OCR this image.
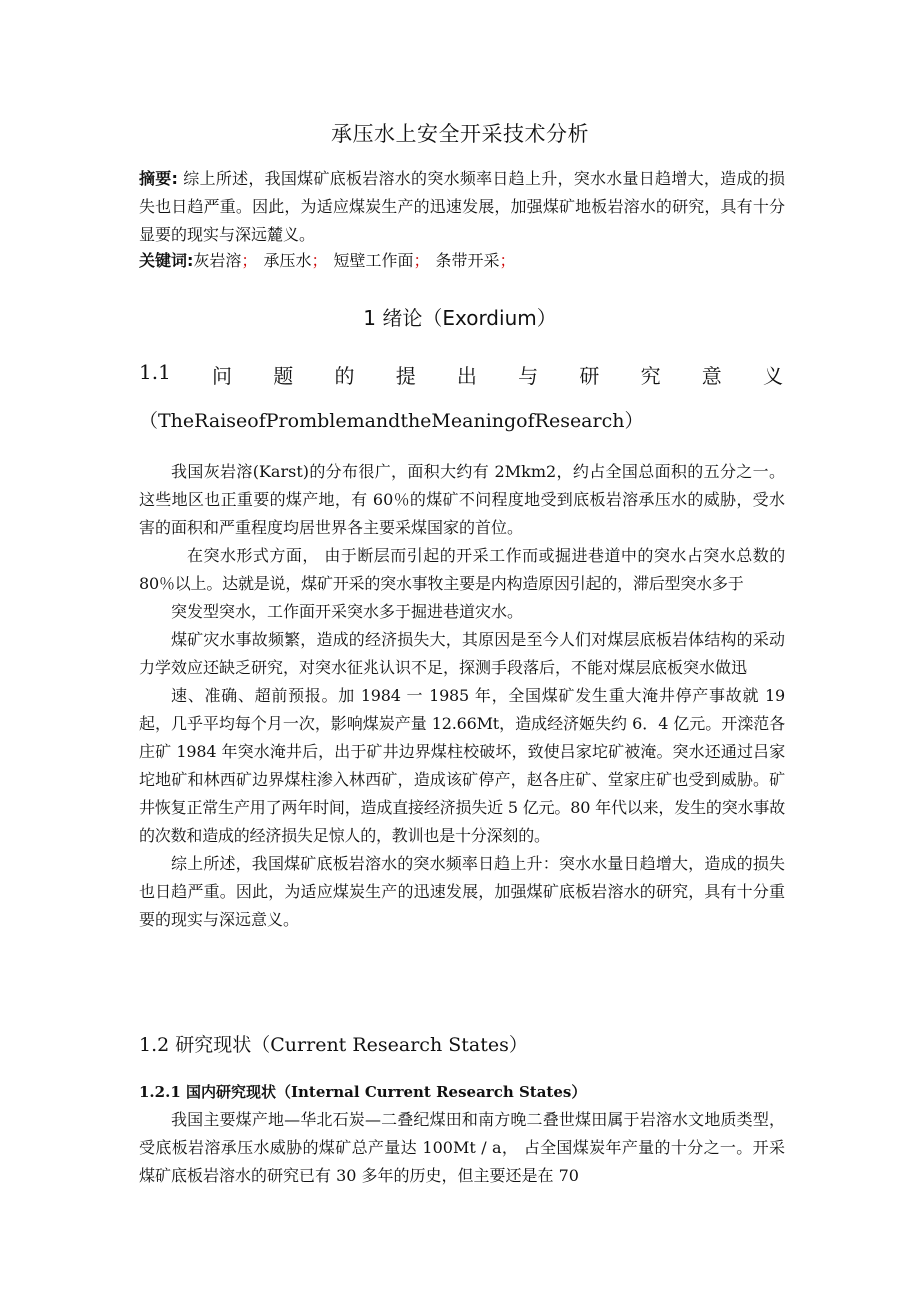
承压水上安全开采技术分析
摘要: 综上所述，我国煤矿底板岩溶水的突水频率日趋上升，突水水量日趋增大，造成的损失也日趋严重。因此，为适应煤炭生产的迅速发展，加强煤矿地板岩溶水的研究，具有十分显要的现实与深远麓义。
关键词:灰岩溶； 承压水； 短壁工作面； 条带开采；
1 绪论（Exordium）
1.1 问 题 的 提 出 与 研 究 意 义
（TheRaiseofPromblemandtheMeaningofResearch）

我国灰岩溶(Karst)的分布很广，面积大约有 2Mkm2，约占全国总面积的五分之一。这些地区也正重要的煤产地，有 60％的煤矿不问程度地受到底板岩溶承压水的威胁，受水害的面积和严重程度均居世界各主要采煤国家的首位。

在突水形式方面， 由于断层而引起的开采工作而或掘进巷道中的突水占突水总数的 80％以上。达就是说，煤矿开采的突水事牧主要是内构造原因引起的，滞后型突水多于

突发型突水，工作面开采突水多于掘进巷道灾水。

煤矿灾水事故频繁，造成的经济损失大，其原因是至今人们对煤层底板岩体结构的采动力学效应还缺乏研究，对突水征兆认识不足，探测手段落后，不能对煤层底板突水做迅

速、准确、超前预报。加 1984 一 1985 年，全国煤矿发生重大淹井停产事故就 19 起，几乎平均每个月一次，影响煤炭产量 12.66Mt，造成经济姬失约 6．4 亿元。开滦范各庄矿 1984 年突水淹井后，出于矿井边界煤柱校破坏，致使吕家坨矿被淹。突水还通过吕家坨地矿和林西矿边界煤柱渗入林西矿，造成该矿停产，赵各庄矿、堂家庄矿也受到威胁。矿井恢复正常生产用了两年时间，造成直接经济损失近 5 亿元。80 年代以来，发生的突水事故的次数和造成的经济损失足惊人的，教训也是十分深刻的。

综上所述，我国煤矿底板岩溶水的突水频率日趋上升：突水水量日趋增大，造成的损失也日趋严重。因此，为适应煤炭生产的迅速发展，加强煤矿底板岩溶水的研究，具有十分重要的现实与深远意义。

1.2 研究现状（Current Research States）
1.2.1 国内研究现状（Internal Current Research States）

我国主要煤产地—华北石炭—二叠纪煤田和南方晚二叠世煤田属于岩溶水文地质类型，受底板岩溶承压水威胁的煤矿总产量达 100Mt / a， 占全国煤炭年产量的十分之一。开采煤矿底板岩溶水的研究已有 30 多年的历史，但主要还是在 70
